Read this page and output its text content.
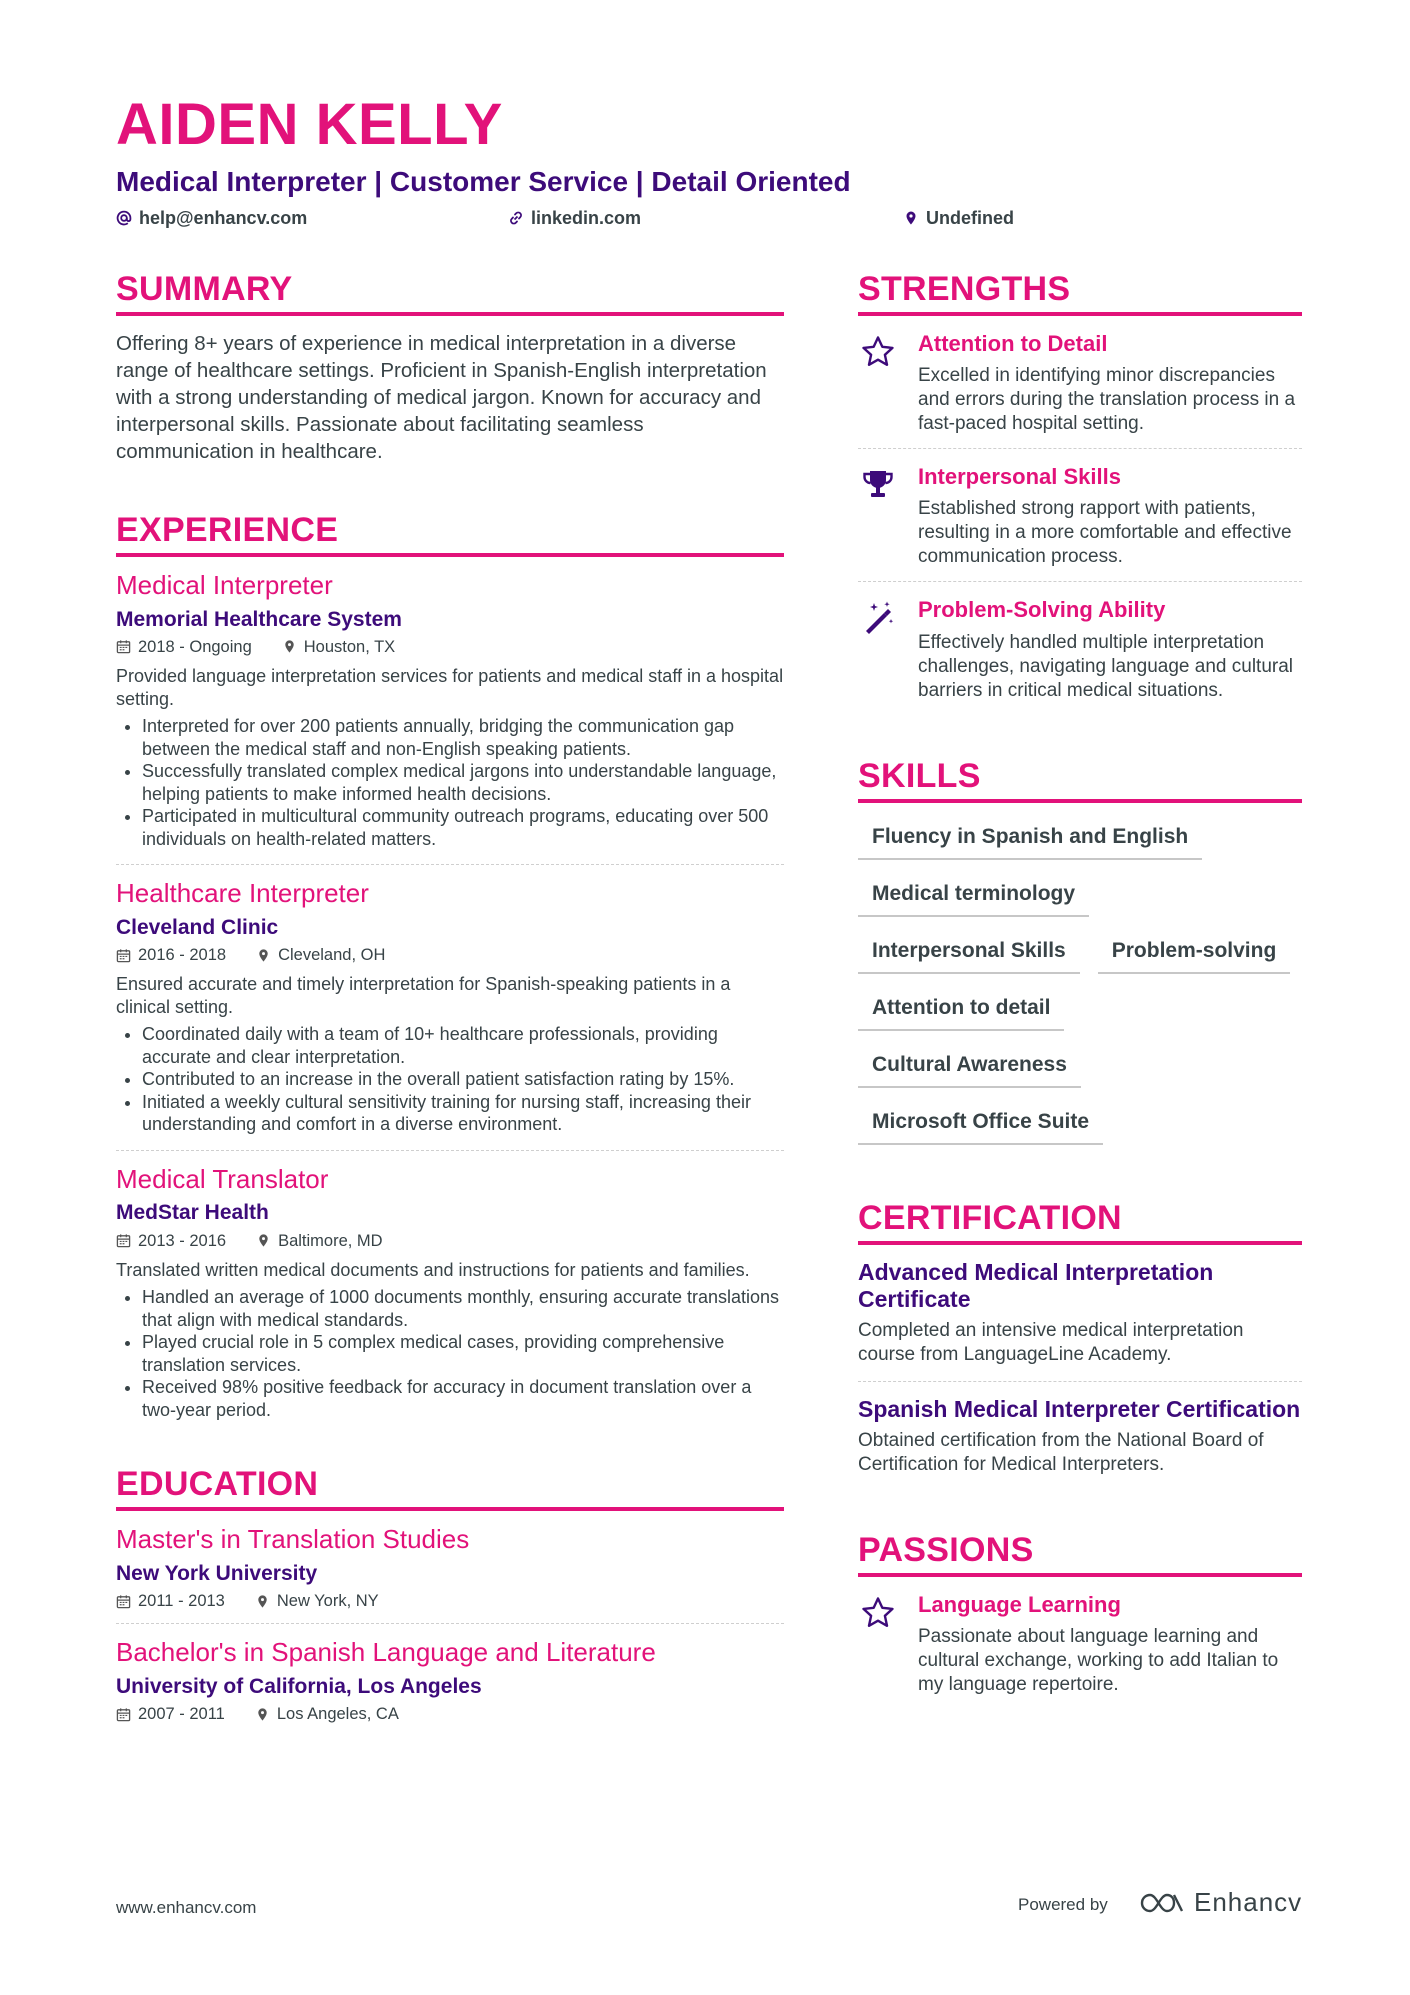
AIDEN KELLY
Medical Interpreter | Customer Service | Detail Oriented
help@enhancv.com	linkedin.com	Undefined
SUMMARY
Offering 8+ years of experience in medical interpretation in a diverse range of healthcare settings. Proficient in Spanish-English interpretation with a strong understanding of medical jargon. Known for accuracy and interpersonal skills. Passionate about facilitating seamless communication in healthcare.
EXPERIENCE
Medical Interpreter
Memorial Healthcare System
2018 - Ongoing	Houston, TX
Provided language interpretation services for patients and medical staff in a hospital setting.
• Interpreted for over 200 patients annually, bridging the communication gap between the medical staff and non-English speaking patients.
• Successfully translated complex medical jargons into understandable language, helping patients to make informed health decisions.
• Participated in multicultural community outreach programs, educating over 500 individuals on health-related matters.
Healthcare Interpreter
Cleveland Clinic
2016 - 2018	Cleveland, OH
Ensured accurate and timely interpretation for Spanish-speaking patients in a clinical setting.
• Coordinated daily with a team of 10+ healthcare professionals, providing accurate and clear interpretation.
• Contributed to an increase in the overall patient satisfaction rating by 15%.
• Initiated a weekly cultural sensitivity training for nursing staff, increasing their understanding and comfort in a diverse environment.
Medical Translator
MedStar Health
2013 - 2016	Baltimore, MD
Translated written medical documents and instructions for patients and families.
• Handled an average of 1000 documents monthly, ensuring accurate translations that align with medical standards.
• Played crucial role in 5 complex medical cases, providing comprehensive translation services.
• Received 98% positive feedback for accuracy in document translation over a two-year period.
EDUCATION
Master's in Translation Studies
New York University
2011 - 2013	New York, NY
Bachelor's in Spanish Language and Literature
University of California, Los Angeles
2007 - 2011	Los Angeles, CA
STRENGTHS
Attention to Detail
Excelled in identifying minor discrepancies and errors during the translation process in a fast-paced hospital setting.
Interpersonal Skills
Established strong rapport with patients, resulting in a more comfortable and effective communication process.
Problem-Solving Ability
Effectively handled multiple interpretation challenges, navigating language and cultural barriers in critical medical situations.
SKILLS
Fluency in Spanish and English
Medical terminology
Interpersonal Skills	Problem-solving
Attention to detail
Cultural Awareness
Microsoft Office Suite
CERTIFICATION
Advanced Medical Interpretation Certificate
Completed an intensive medical interpretation course from LanguageLine Academy.
Spanish Medical Interpreter Certification
Obtained certification from the National Board of Certification for Medical Interpreters.
PASSIONS
Language Learning
Passionate about language learning and cultural exchange, working to add Italian to my language repertoire.
www.enhancv.com	Powered by	Enhancv
